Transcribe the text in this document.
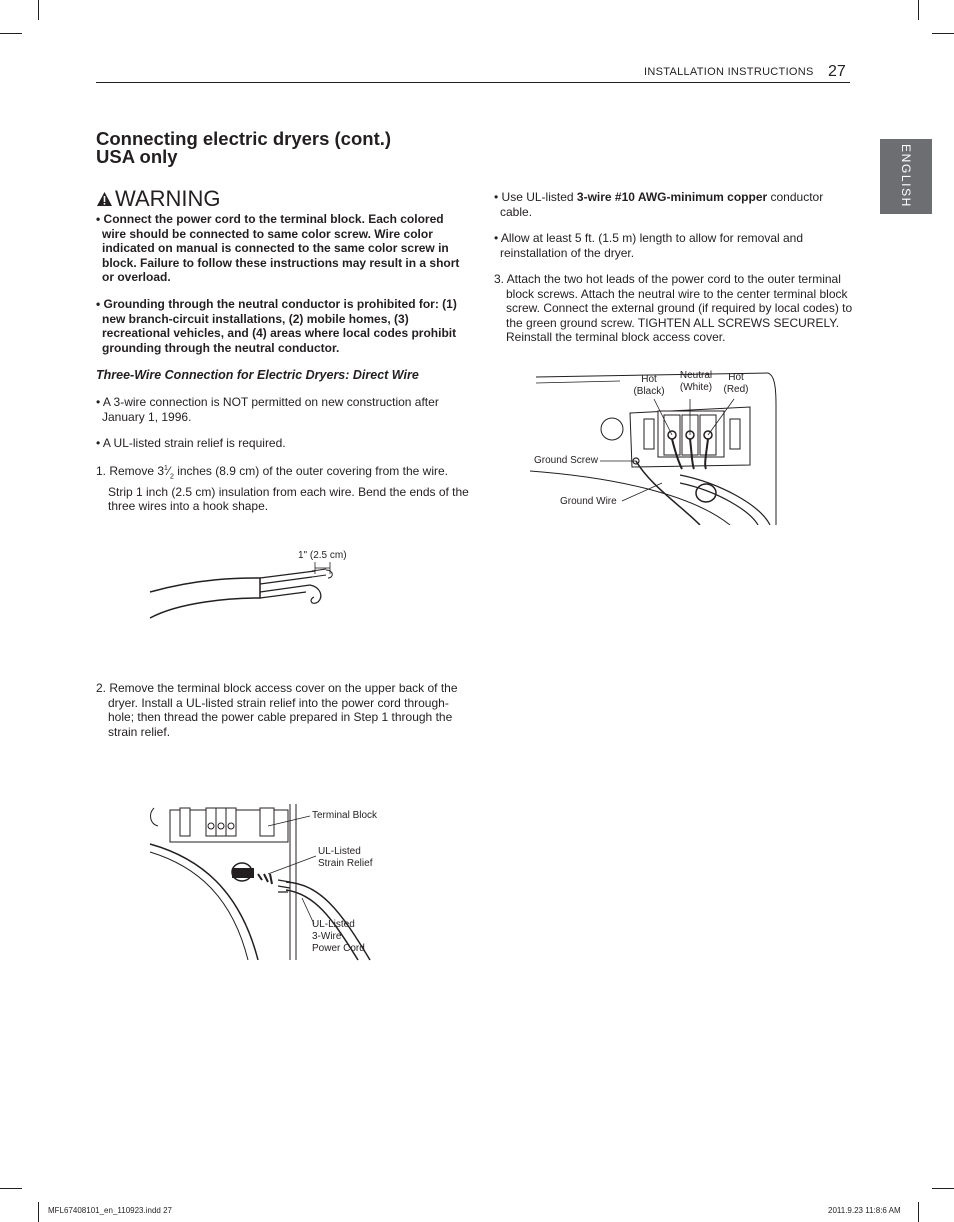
INSTALLATION INSTRUCTIONS 27
ENGLISH
Connecting electric dryers (cont.)
USA only
WARNING
• Connect the power cord to the terminal block. Each colored wire should be connected to same color screw. Wire color indicated on manual is connected to the same color screw in block. Failure to follow these instructions may result in a short or overload.
• Grounding through the neutral conductor is prohibited for: (1) new branch-circuit installations, (2) mobile homes, (3) recreational vehicles, and (4) areas where local codes prohibit grounding through the neutral conductor.
Three-Wire Connection for Electric Dryers: Direct Wire
• A 3-wire connection is NOT permitted on new construction after January 1, 1996.
• A UL-listed strain relief is required.
1. Remove $3^1⁄_2$ inches (8.9 cm) of the outer covering from the wire. Strip 1 inch (2.5 cm) insulation from each wire. Bend the ends of the three wires into a hook shape.
1" (2.5 cm)
2. Remove the terminal block access cover on the upper back of the dryer. Install a UL-listed strain relief into the power cord through-hole; then thread the power cable prepared in Step 1 through the strain relief.
Terminal Block
UL-Listed
Strain Relief
UL-Listed
3-Wire
Power Cord
• Use UL-listed 3-wire #10 AWG-minimum copper conductor cable.
• Allow at least 5 ft. (1.5 m) length to allow for removal and reinstallation of the dryer.
3. Attach the two hot leads of the power cord to the outer terminal block screws. Attach the neutral wire to the center terminal block screw. Connect the external ground (if required by local codes) to the green ground screw. TIGHTEN ALL SCREWS SECURELY. Reinstall the terminal block access cover.
Hot
(Black)
Neutral
(White)
Hot
(Red)
Ground Screw
Ground Wire
MFL67408101_en_110923.indd 27	2011.9.23 11:8:6 AM
